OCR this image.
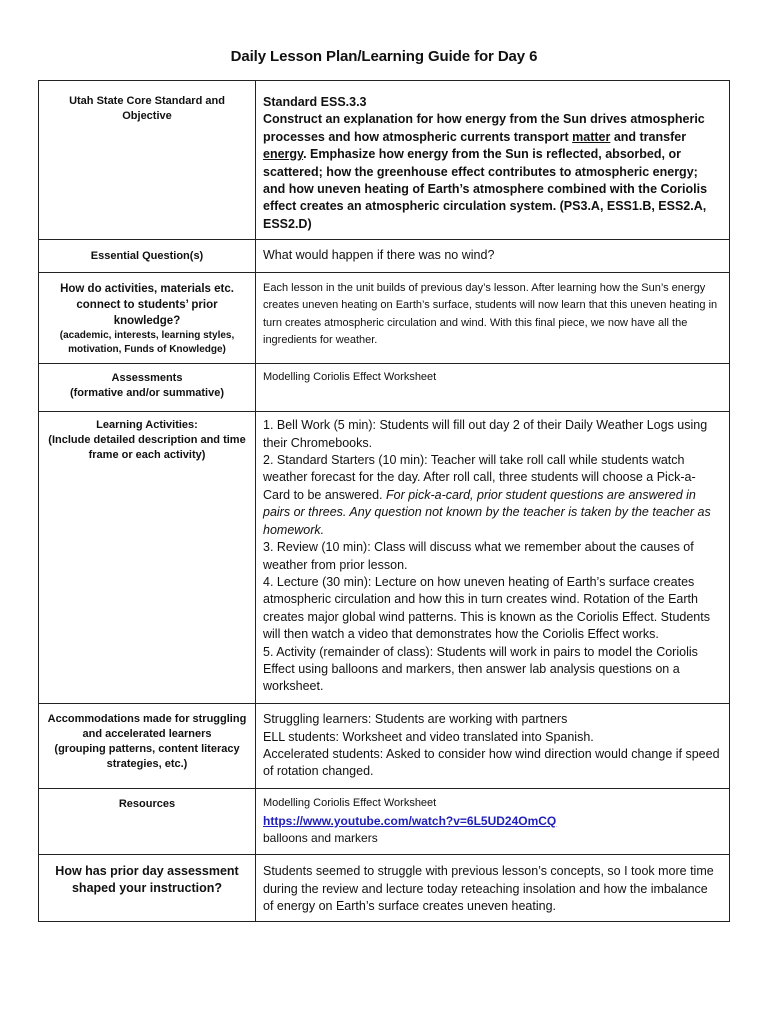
Daily Lesson Plan/Learning Guide for Day 6
Utah State Core Standard and Objective	Standard ESS.3.3
Construct an explanation for how energy from the Sun drives atmospheric processes and how atmospheric currents transport matter and transfer energy. Emphasize how energy from the Sun is reflected, absorbed, or scattered; how the greenhouse effect contributes to atmospheric energy; and how uneven heating of Earth’s atmosphere combined with the Coriolis effect creates an atmospheric circulation system. (PS3.A, ESS1.B, ESS2.A, ESS2.D)
Essential Question(s)	What would happen if there was no wind?
How do activities, materials etc. connect to students’ prior knowledge?
(academic, interests, learning styles, motivation, Funds of Knowledge)	Each lesson in the unit builds of previous day’s lesson. After learning how the Sun’s energy creates uneven heating on Earth’s surface, students will now learn that this uneven heating in turn creates atmospheric circulation and wind. With this final piece, we now have all the ingredients for weather.

Assessments
(formative and/or summative)	Modelling Coriolis Effect Worksheet

Learning Activities:
(Include detailed description and time frame or each activity)	1. Bell Work (5 min): Students will fill out day 2 of their Daily Weather Logs using their Chromebooks.
2. Standard Starters (10 min): Teacher will take roll call while students watch weather forecast for the day. After roll call, three students will choose a Pick-a-Card to be answered. For pick-a-card, prior student questions are answered in pairs or threes. Any question not known by the teacher is taken by the teacher as homework.
3. Review (10 min): Class will discuss what we remember about the causes of weather from prior lesson.
4. Lecture (30 min): Lecture on how uneven heating of Earth’s surface creates atmospheric circulation and how this in turn creates wind. Rotation of the Earth creates major global wind patterns. This is known as the Coriolis Effect. Students will then watch a video that demonstrates how the Coriolis Effect works.
5. Activity (remainder of class): Students will work in pairs to model the Coriolis Effect using balloons and markers, then answer lab analysis questions on a worksheet.

Accommodations made for struggling and accelerated learners
(grouping patterns, content literacy strategies, etc.)	Struggling learners: Students are working with partners
ELL students: Worksheet and video translated into Spanish.
Accelerated students: Asked to consider how wind direction would change if speed of rotation changed.

Resources	Modelling Coriolis Effect Worksheet
https://www.youtube.com/watch?v=6L5UD24OmCQ
balloons and markers

How has prior day assessment shaped your instruction?	Students seemed to struggle with previous lesson’s concepts, so I took more time during the review and lecture today reteaching insolation and how the imbalance of energy on Earth’s surface creates uneven heating.
